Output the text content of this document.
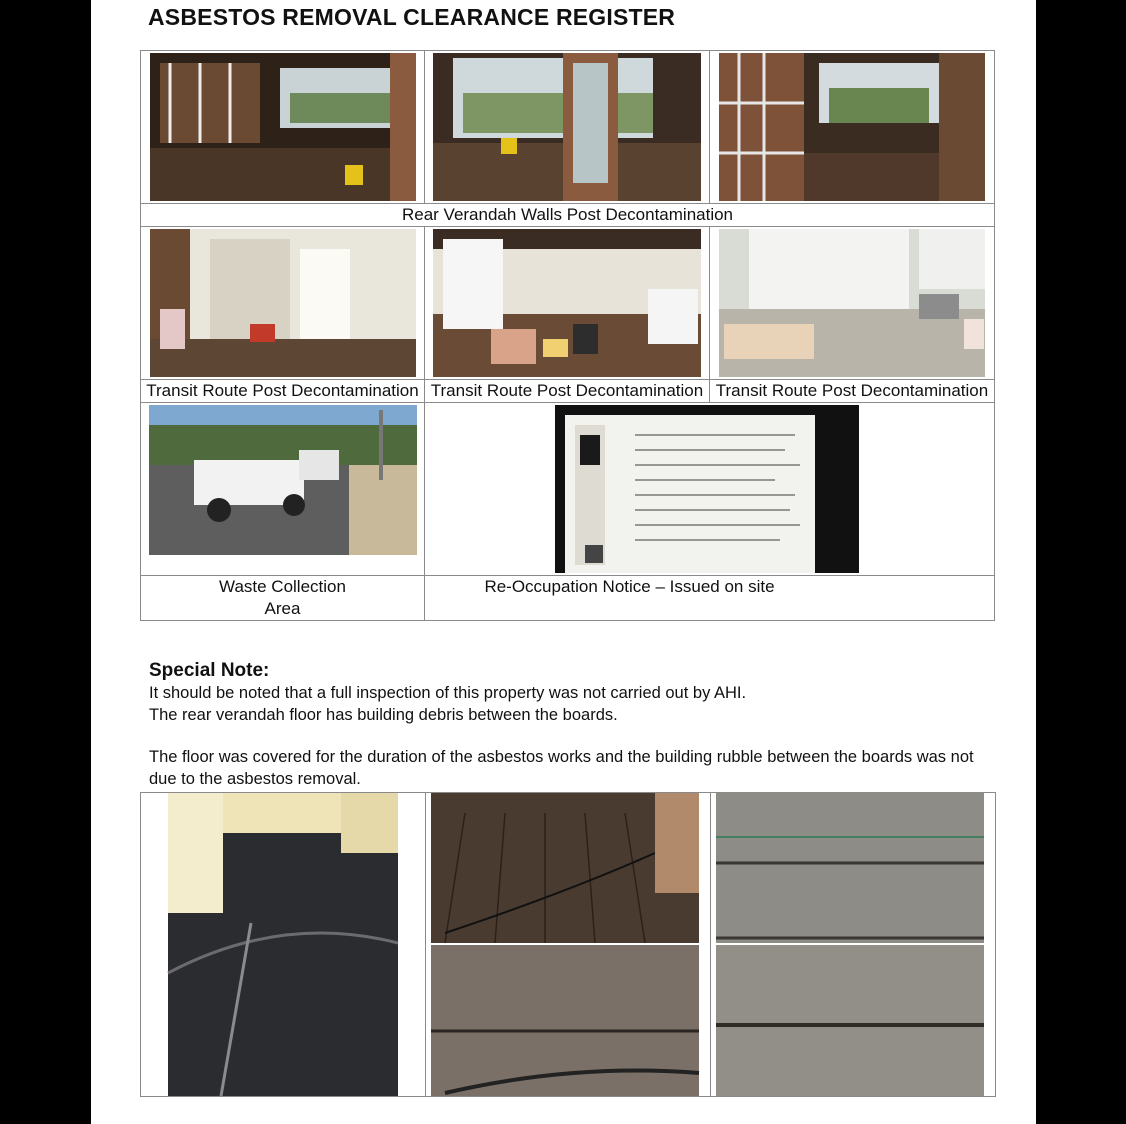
ASBESTOS REMOVAL CLEARANCE REGISTER

Rear Verandah Walls Post Decontamination		

Transit Route Post Decontamination	Transit Route Post Decontamination	Transit Route Post Decontamination

Waste Collection Area	Re-Occupation Notice – Issued on site	
Special Note:

It should be noted that a full inspection of this property was not carried out by AHI.

The rear verandah floor has building debris between the boards.

The floor was covered for the duration of the asbestos works and the building rubble between the boards was not due to the asbestos removal.
